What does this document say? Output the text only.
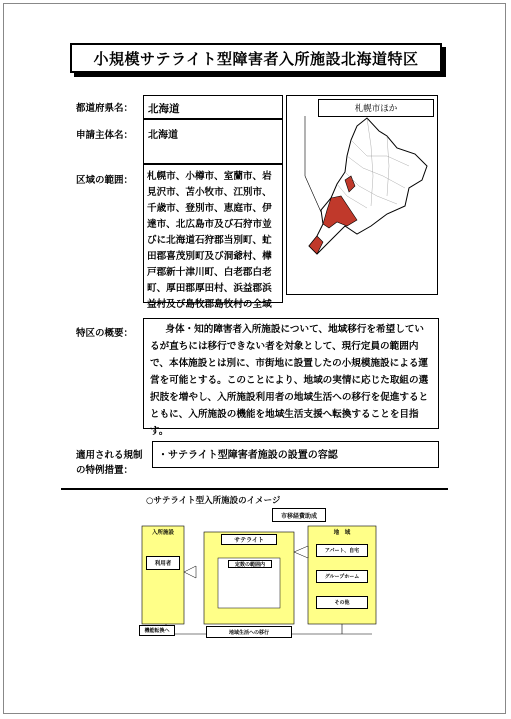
小規模サテライト型障害者入所施設北海道特区
都道府県名：	北海道
申請主体名：	北海道
区域の範囲：	札幌市、小樽市、室蘭市、岩見沢市、苫小牧市、江別市、千歳市、登別市、恵庭市、伊達市、北広島市及び石狩市並びに北海道石狩郡当別町、虻田郡喜茂別町及び洞爺村、樺戸郡新十津川町、白老郡白老町、厚田郡厚田村、浜益郡浜益村及び島牧郡島牧村の全域
札幌市ほか
特区の概要：	身体・知的障害者入所施設について、地域移行を希望しているが直ちには移行できない者を対象として、現行定員の範囲内で、本体施設とは別に、市街地に設置したの小規模施設による運営を可能とする。このことにより、地域の実情に応じた取組の選択肢を増やし、入所施設利用者の地域生活への移行を促進するとともに、入所施設の機能を地域生活支援へ転換することを目指す。
適用される規制
の特例措置：
・サテライト型障害者施設の設置の容認
○サテライト型入所施設のイメージ
市移経費助成
入所施設
利用者
機能転換へ
サテライト
定数の範囲内
地　域
アパート、自宅
グループホーム
その他
地域生活への移行
